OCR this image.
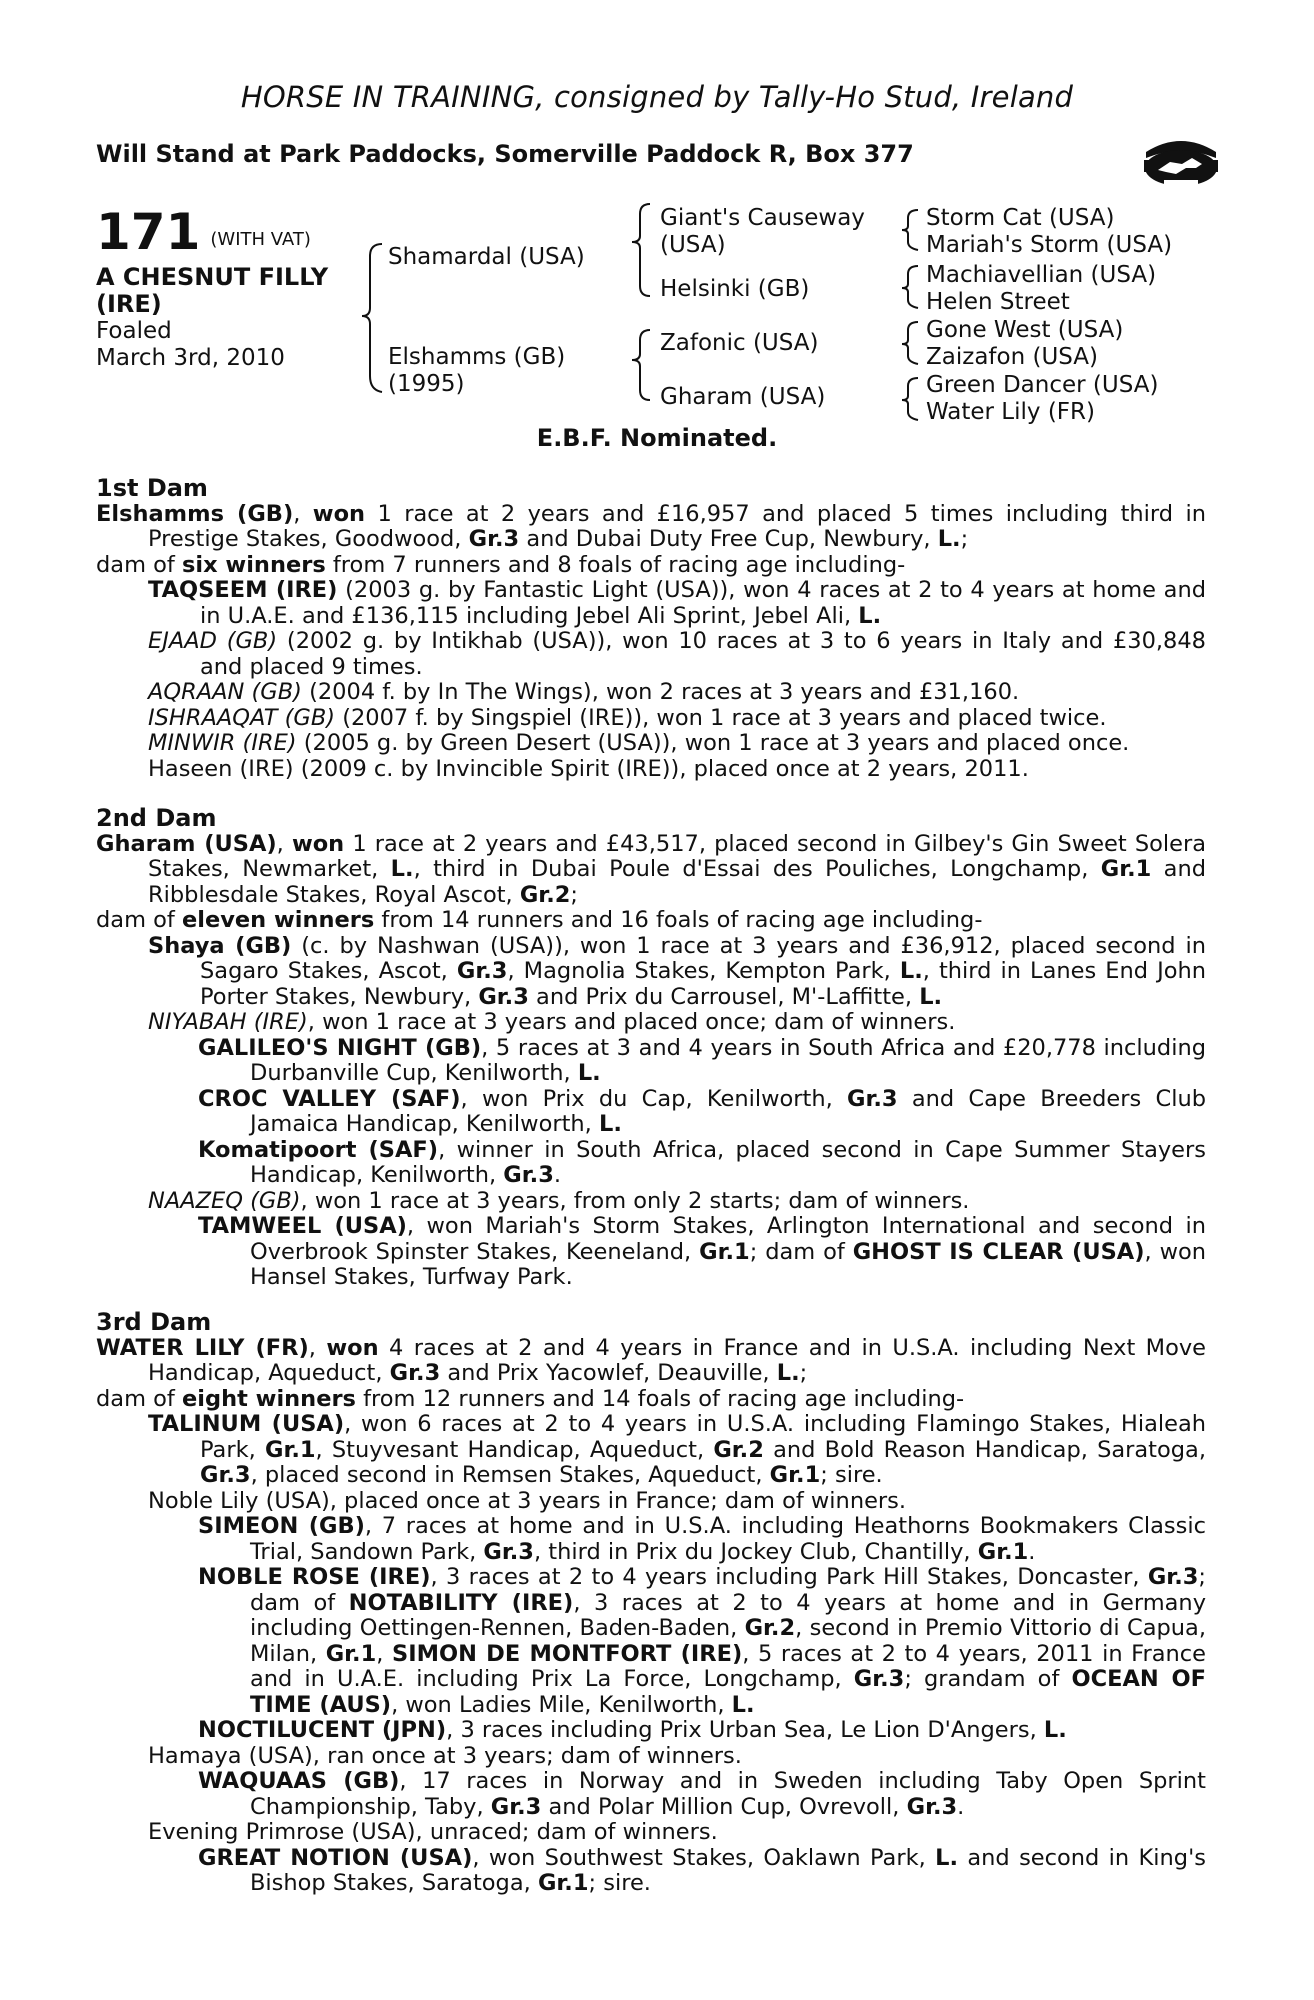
HORSE IN TRAINING, consigned by Tally-Ho Stud, Ireland
Will Stand at Park Paddocks, Somerville Paddock R, Box 377
171 (WITH VAT)
A CHESNUT FILLY (IRE)
Foaled
March 3rd, 2010
Shamardal (USA)
Elshamms (GB)
(1995)
Giant's Causeway (USA)
Helsinki (GB)
Zafonic (USA)
Gharam (USA)
Storm Cat (USA)
Mariah's Storm (USA)
Machiavellian (USA)
Helen Street
Gone West (USA)
Zaizafon (USA)
Green Dancer (USA)
Water Lily (FR)
E.B.F. Nominated.
1st Dam

Elshamms (GB), won 1 race at 2 years and £16,957 and placed 5 times including third in Prestige Stakes, Goodwood, Gr.3 and Dubai Duty Free Cup, Newbury, L.;

dam of six winners from 7 runners and 8 foals of racing age including-

TAQSEEM (IRE) (2003 g. by Fantastic Light (USA)), won 4 races at 2 to 4 years at home and in U.A.E. and £136,115 including Jebel Ali Sprint, Jebel Ali, L.

EJAAD (GB) (2002 g. by Intikhab (USA)), won 10 races at 3 to 6 years in Italy and £30,848 and placed 9 times.

AQRAAN (GB) (2004 f. by In The Wings), won 2 races at 3 years and £31,160.

ISHRAAQAT (GB) (2007 f. by Singspiel (IRE)), won 1 race at 3 years and placed twice.

MINWIR (IRE) (2005 g. by Green Desert (USA)), won 1 race at 3 years and placed once.

Haseen (IRE) (2009 c. by Invincible Spirit (IRE)), placed once at 2 years, 2011.

2nd Dam

Gharam (USA), won 1 race at 2 years and £43,517, placed second in Gilbey's Gin Sweet Solera Stakes, Newmarket, L., third in Dubai Poule d'Essai des Pouliches, Longchamp, Gr.1 and Ribblesdale Stakes, Royal Ascot, Gr.2;

dam of eleven winners from 14 runners and 16 foals of racing age including-

Shaya (GB) (c. by Nashwan (USA)), won 1 race at 3 years and £36,912, placed second in Sagaro Stakes, Ascot, Gr.3, Magnolia Stakes, Kempton Park, L., third in Lanes End John Porter Stakes, Newbury, Gr.3 and Prix du Carrousel, M'-Laffitte, L.

NIYABAH (IRE), won 1 race at 3 years and placed once; dam of winners.

GALILEO'S NIGHT (GB), 5 races at 3 and 4 years in South Africa and £20,778 including Durbanville Cup, Kenilworth, L.

CROC VALLEY (SAF), won Prix du Cap, Kenilworth, Gr.3 and Cape Breeders Club Jamaica Handicap, Kenilworth, L.

Komatipoort (SAF), winner in South Africa, placed second in Cape Summer Stayers Handicap, Kenilworth, Gr.3.

NAAZEQ (GB), won 1 race at 3 years, from only 2 starts; dam of winners.

TAMWEEL (USA), won Mariah's Storm Stakes, Arlington International and second in Overbrook Spinster Stakes, Keeneland, Gr.1; dam of GHOST IS CLEAR (USA), won Hansel Stakes, Turfway Park.

3rd Dam

WATER LILY (FR), won 4 races at 2 and 4 years in France and in U.S.A. including Next Move Handicap, Aqueduct, Gr.3 and Prix Yacowlef, Deauville, L.;

dam of eight winners from 12 runners and 14 foals of racing age including-

TALINUM (USA), won 6 races at 2 to 4 years in U.S.A. including Flamingo Stakes, Hialeah Park, Gr.1, Stuyvesant Handicap, Aqueduct, Gr.2 and Bold Reason Handicap, Saratoga, Gr.3, placed second in Remsen Stakes, Aqueduct, Gr.1; sire.

Noble Lily (USA), placed once at 3 years in France; dam of winners.

SIMEON (GB), 7 races at home and in U.S.A. including Heathorns Bookmakers Classic Trial, Sandown Park, Gr.3, third in Prix du Jockey Club, Chantilly, Gr.1.

NOBLE ROSE (IRE), 3 races at 2 to 4 years including Park Hill Stakes, Doncaster, Gr.3; dam of NOTABILITY (IRE), 3 races at 2 to 4 years at home and in Germany including Oettingen-Rennen, Baden-Baden, Gr.2, second in Premio Vittorio di Capua, Milan, Gr.1, SIMON DE MONTFORT (IRE), 5 races at 2 to 4 years, 2011 in France and in U.A.E. including Prix La Force, Longchamp, Gr.3; grandam of OCEAN OF TIME (AUS), won Ladies Mile, Kenilworth, L.

NOCTILUCENT (JPN), 3 races including Prix Urban Sea, Le Lion D'Angers, L.

Hamaya (USA), ran once at 3 years; dam of winners.

WAQUAAS (GB), 17 races in Norway and in Sweden including Taby Open Sprint Championship, Taby, Gr.3 and Polar Million Cup, Ovrevoll, Gr.3.

Evening Primrose (USA), unraced; dam of winners.

GREAT NOTION (USA), won Southwest Stakes, Oaklawn Park, L. and second in King's Bishop Stakes, Saratoga, Gr.1; sire.
